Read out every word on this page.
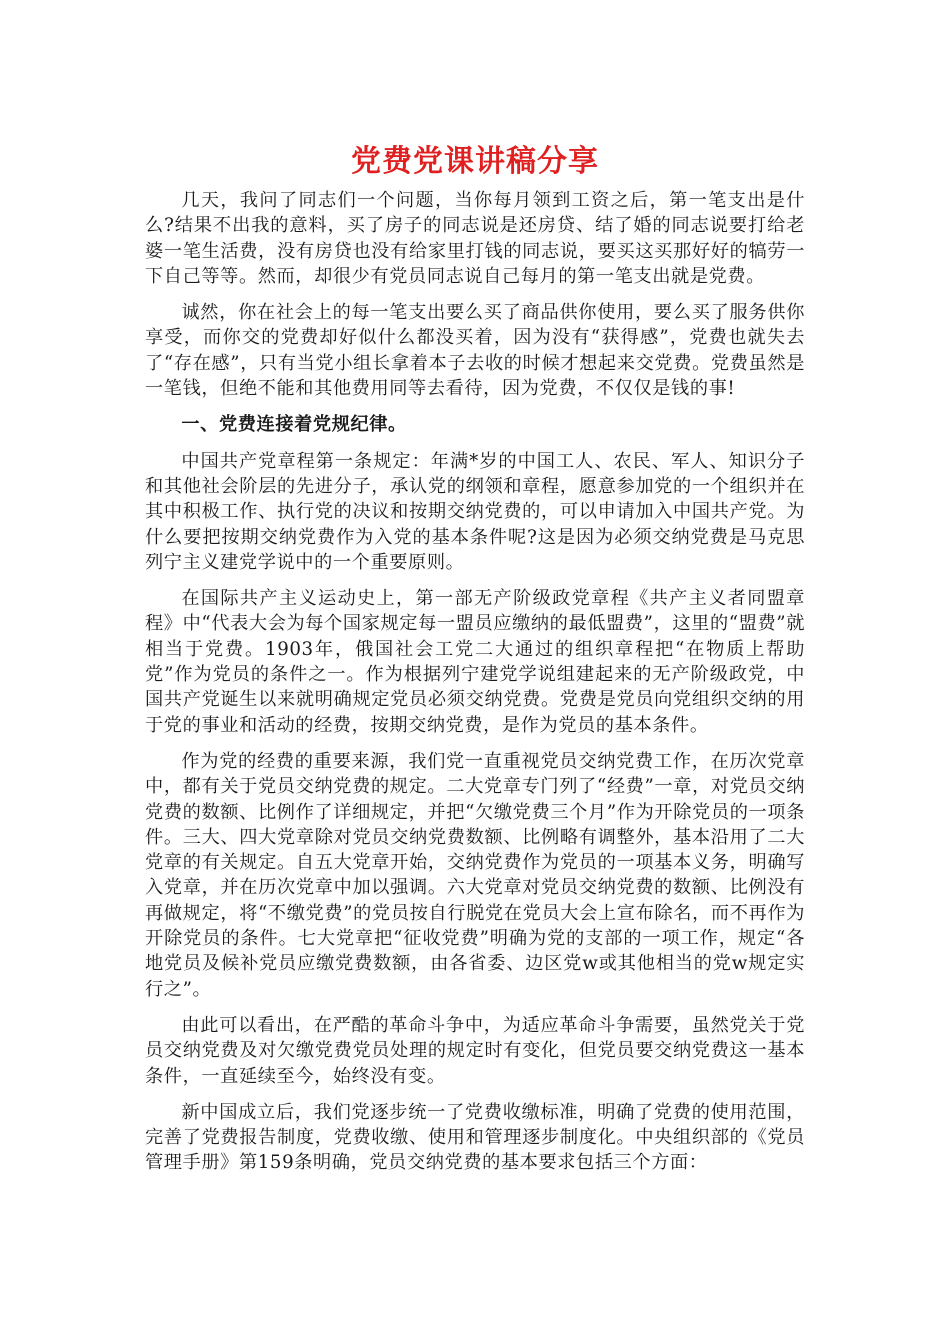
党费党课讲稿分享

几天，我问了同志们一个问题，当你每月领到工资之后，第一笔支出是什么?结果不出我的意料，买了房子的同志说是还房贷、结了婚的同志说要打给老婆一笔生活费，没有房贷也没有给家里打钱的同志说，要买这买那好好的犒劳一下自己等等。然而，却很少有党员同志说自己每月的第一笔支出就是党费。

诚然，你在社会上的每一笔支出要么买了商品供你使用，要么买了服务供你享受，而你交的党费却好似什么都没买着，因为没有“获得感”，党费也就失去了“存在感”，只有当党小组长拿着本子去收的时候才想起来交党费。党费虽然是一笔钱，但绝不能和其他费用同等去看待，因为党费，不仅仅是钱的事!

一、党费连接着党规纪律。

中国共产党章程第一条规定：年满*岁的中国工人、农民、军人、知识分子和其他社会阶层的先进分子，承认党的纲领和章程，愿意参加党的一个组织并在其中积极工作、执行党的决议和按期交纳党费的，可以申请加入中国共产党。为什么要把按期交纳党费作为入党的基本条件呢?这是因为必须交纳党费是马克思列宁主义建党学说中的一个重要原则。

在国际共产主义运动史上，第一部无产阶级政党章程《共产主义者同盟章程》中“代表大会为每个国家规定每一盟员应缴纳的最低盟费”，这里的“盟费”就相当于党费。1903年，俄国社会工党二大通过的组织章程把“在物质上帮助党”作为党员的条件之一。作为根据列宁建党学说组建起来的无产阶级政党，中国共产党诞生以来就明确规定党员必须交纳党费。党费是党员向党组织交纳的用于党的事业和活动的经费，按期交纳党费，是作为党员的基本条件。

作为党的经费的重要来源，我们党一直重视党员交纳党费工作，在历次党章中，都有关于党员交纳党费的规定。二大党章专门列了“经费”一章，对党员交纳党费的数额、比例作了详细规定，并把“欠缴党费三个月”作为开除党员的一项条件。三大、四大党章除对党员交纳党费数额、比例略有调整外，基本沿用了二大党章的有关规定。自五大党章开始，交纳党费作为党员的一项基本义务，明确写入党章，并在历次党章中加以强调。六大党章对党员交纳党费的数额、比例没有再做规定，将“不缴党费”的党员按自行脱党在党员大会上宣布除名，而不再作为开除党员的条件。七大党章把“征收党费”明确为党的支部的一项工作，规定“各地党员及候补党员应缴党费数额，由各省委、边区党w或其他相当的党w规定实行之”。

由此可以看出，在严酷的革命斗争中，为适应革命斗争需要，虽然党关于党员交纳党费及对欠缴党费党员处理的规定时有变化，但党员要交纳党费这一基本条件，一直延续至今，始终没有变。

新中国成立后，我们党逐步统一了党费收缴标准，明确了党费的使用范围，完善了党费报告制度，党费收缴、使用和管理逐步制度化。中央组织部的《党员管理手册》第159条明确，党员交纳党费的基本要求包括三个方面：
